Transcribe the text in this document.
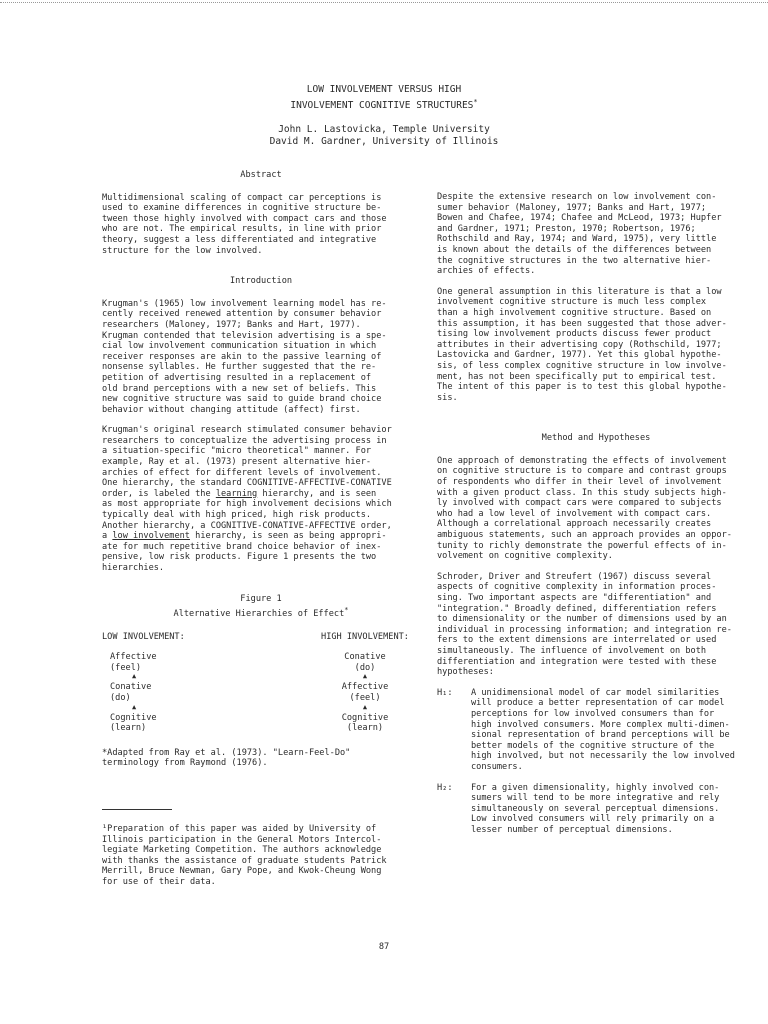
LOW INVOLVEMENT VERSUS HIGH
INVOLVEMENT COGNITIVE STRUCTURES*
John L. Lastovicka, Temple University
David M. Gardner, University of Illinois
Abstract
Multidimensional scaling of compact car perceptions is
used to examine differences in cognitive structure be-
tween those highly involved with compact cars and those
who are not. The empirical results, in line with prior
theory, suggest a less differentiated and integrative
structure for the low involved.
Introduction
Krugman's (1965) low involvement learning model has re-
cently received renewed attention by consumer behavior
researchers (Maloney, 1977; Banks and Hart, 1977).
Krugman contended that television advertising is a spe-
cial low involvement communication situation in which
receiver responses are akin to the passive learning of
nonsense syllables. He further suggested that the re-
petition of advertising resulted in a replacement of
old brand perceptions with a new set of beliefs. This
new cognitive structure was said to guide brand choice
behavior without changing attitude (affect) first.
Krugman's original research stimulated consumer behavior
researchers to conceptualize the advertising process in
a situation-specific "micro theoretical" manner. For
example, Ray et al. (1973) present alternative hier-
archies of effect for different levels of involvement.
One hierarchy, the standard COGNITIVE-AFFECTIVE-CONATIVE
order, is labeled the learning hierarchy, and is seen
as most appropriate for high involvement decisions which
typically deal with high priced, high risk products.
Another hierarchy, a COGNITIVE-CONATIVE-AFFECTIVE order,
a low involvement hierarchy, is seen as being appropri-
ate for much repetitive brand choice behavior of inex-
pensive, low risk products. Figure 1 presents the two
hierarchies.
Figure 1
Alternative Hierarchies of Effect*
LOW INVOLVEMENT:
Affective
(feel)
▲
Conative
(do)
▲
Cognitive
(learn)
HIGH INVOLVEMENT:
Conative
(do)
▲
Affective
(feel)
▲
Cognitive
(learn)
*Adapted from Ray et al. (1973). "Learn-Feel-Do"
terminology from Raymond (1976).
¹Preparation of this paper was aided by University of
Illinois participation in the General Motors Intercol-
legiate Marketing Competition. The authors acknowledge
with thanks the assistance of graduate students Patrick
Merrill, Bruce Newman, Gary Pope, and Kwok-Cheung Wong
for use of their data.
Despite the extensive research on low involvement con-
sumer behavior (Maloney, 1977; Banks and Hart, 1977;
Bowen and Chafee, 1974; Chafee and McLeod, 1973; Hupfer
and Gardner, 1971; Preston, 1970; Robertson, 1976;
Rothschild and Ray, 1974; and Ward, 1975), very little
is known about the details of the differences between
the cognitive structures in the two alternative hier-
archies of effects.
One general assumption in this literature is that a low
involvement cognitive structure is much less complex
than a high involvement cognitive structure. Based on
this assumption, it has been suggested that those adver-
tising low involvement products discuss fewer product
attributes in their advertising copy (Rothschild, 1977;
Lastovicka and Gardner, 1977). Yet this global hypothe-
sis, of less complex cognitive structure in low involve-
ment, has not been specifically put to empirical test.
The intent of this paper is to test this global hypothe-
sis.
Method and Hypotheses
One approach of demonstrating the effects of involvement
on cognitive structure is to compare and contrast groups
of respondents who differ in their level of involvement
with a given product class. In this study subjects high-
ly involved with compact cars were compared to subjects
who had a low level of involvement with compact cars.
Although a correlational approach necessarily creates
ambiguous statements, such an approach provides an oppor-
tunity to richly demonstrate the powerful effects of in-
volvement on cognitive complexity.
Schroder, Driver and Streufert (1967) discuss several
aspects of cognitive complexity in information proces-
sing. Two important aspects are "differentiation" and
"integration." Broadly defined, differentiation refers
to dimensionality or the number of dimensions used by an
individual in processing information; and integration re-
fers to the extent dimensions are interrelated or used
simultaneously. The influence of involvement on both
differentiation and integration were tested with these
hypotheses:
H₁:	A unidimensional model of car model similarities
will produce a better representation of car model
perceptions for low involved consumers than for
high involved consumers. More complex multi-dimen-
sional representation of brand perceptions will be
better models of the cognitive structure of the
high involved, but not necessarily the low involved
consumers.
H₂:	For a given dimensionality, highly involved con-
sumers will tend to be more integrative and rely
simultaneously on several perceptual dimensions.
Low involved consumers will rely primarily on a
lesser number of perceptual dimensions.
87
